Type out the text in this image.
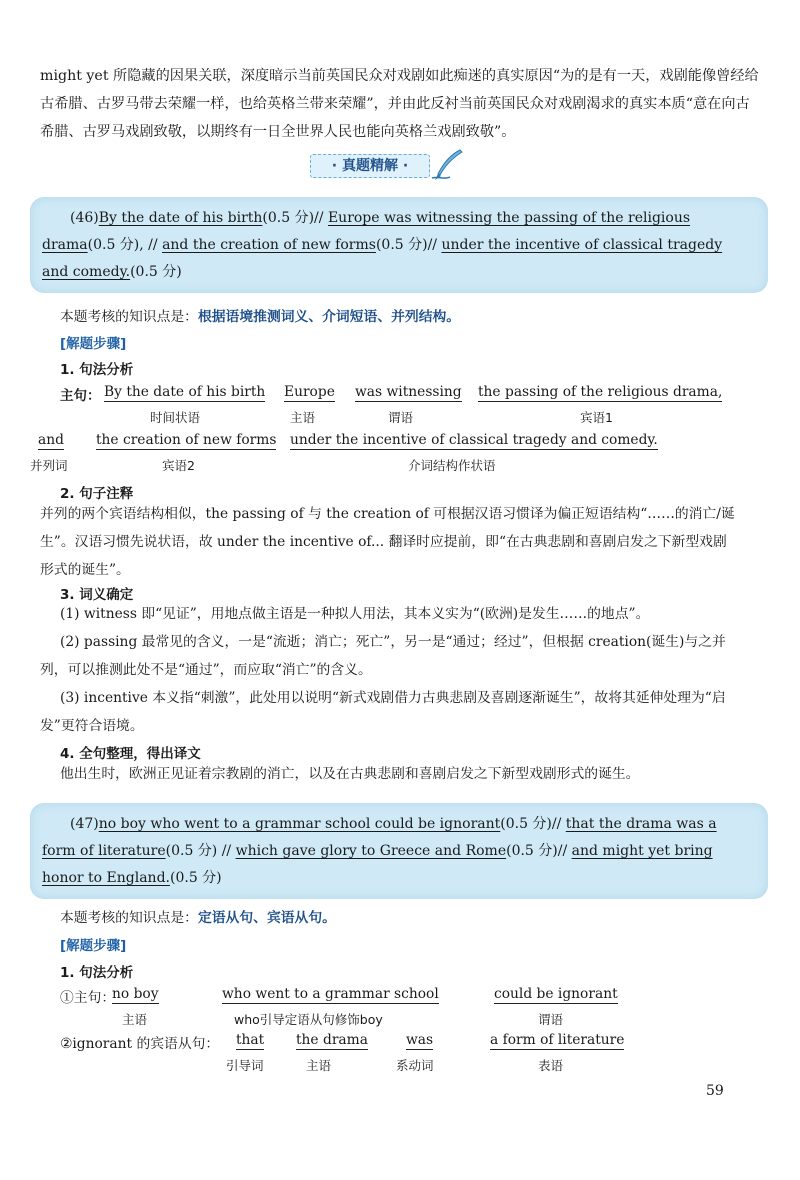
might yet 所隐藏的因果关联，深度暗示当前英国民众对戏剧如此痴迷的真实原因“为的是有一天，戏剧能像曾经给古希腊、古罗马带去荣耀一样，也给英格兰带来荣耀”，并由此反衬当前英国民众对戏剧渴求的真实本质“意在向古希腊、古罗马戏剧致敬，以期终有一日全世界人民也能向英格兰戏剧致敬”。
· 真题精解 ·
(46)By the date of his birth(0.5 分)// Europe was witnessing the passing of the religious drama(0.5 分), // and the creation of new forms(0.5 分)// under the incentive of classical tragedy and comedy.(0.5 分)
本题考核的知识点是：根据语境推测词义、介词短语、并列结构。
[解题步骤]
1. 句法分析
主句： By the date of his birth
时间状语
Europe
主语
was witnessing
谓语
the passing of the religious drama,
宾语1
and
并列词
the creation of new forms
宾语2
under the incentive of classical tragedy and comedy.
介词结构作状语
2. 句子注释
并列的两个宾语结构相似，the passing of 与 the creation of 可根据汉语习惯译为偏正短语结构“……的消亡/诞生”。汉语习惯先说状语，故 under the incentive of... 翻译时应提前，即“在古典悲剧和喜剧启发之下新型戏剧形式的诞生”。
3. 词义确定
(1) witness 即“见证”，用地点做主语是一种拟人用法，其本义实为“(欧洲)是发生……的地点”。
(2) passing 最常见的含义，一是“流逝；消亡；死亡”，另一是“通过；经过”，但根据 creation(诞生)与之并列，可以推测此处不是“通过”，而应取“消亡”的含义。
(3) incentive 本义指“刺激”，此处用以说明“新式戏剧借力古典悲剧及喜剧逐渐诞生”，故将其延伸处理为“启发”更符合语境。
4. 全句整理，得出译文
他出生时，欧洲正见证着宗教剧的消亡，以及在古典悲剧和喜剧启发之下新型戏剧形式的诞生。
(47)no boy who went to a grammar school could be ignorant(0.5 分)// that the drama was a form of literature(0.5 分) // which gave glory to Greece and Rome(0.5 分)// and might yet bring honor to England.(0.5 分)
本题考核的知识点是：定语从句、宾语从句。
[解题步骤]
1. 句法分析
①主句：
no boy
主语
who went to a grammar school
who引导定语从句修饰boy
could be ignorant
谓语
②ignorant 的宾语从句： that
引导词
the drama
主语
was
系动词
a form of literature
表语
59
